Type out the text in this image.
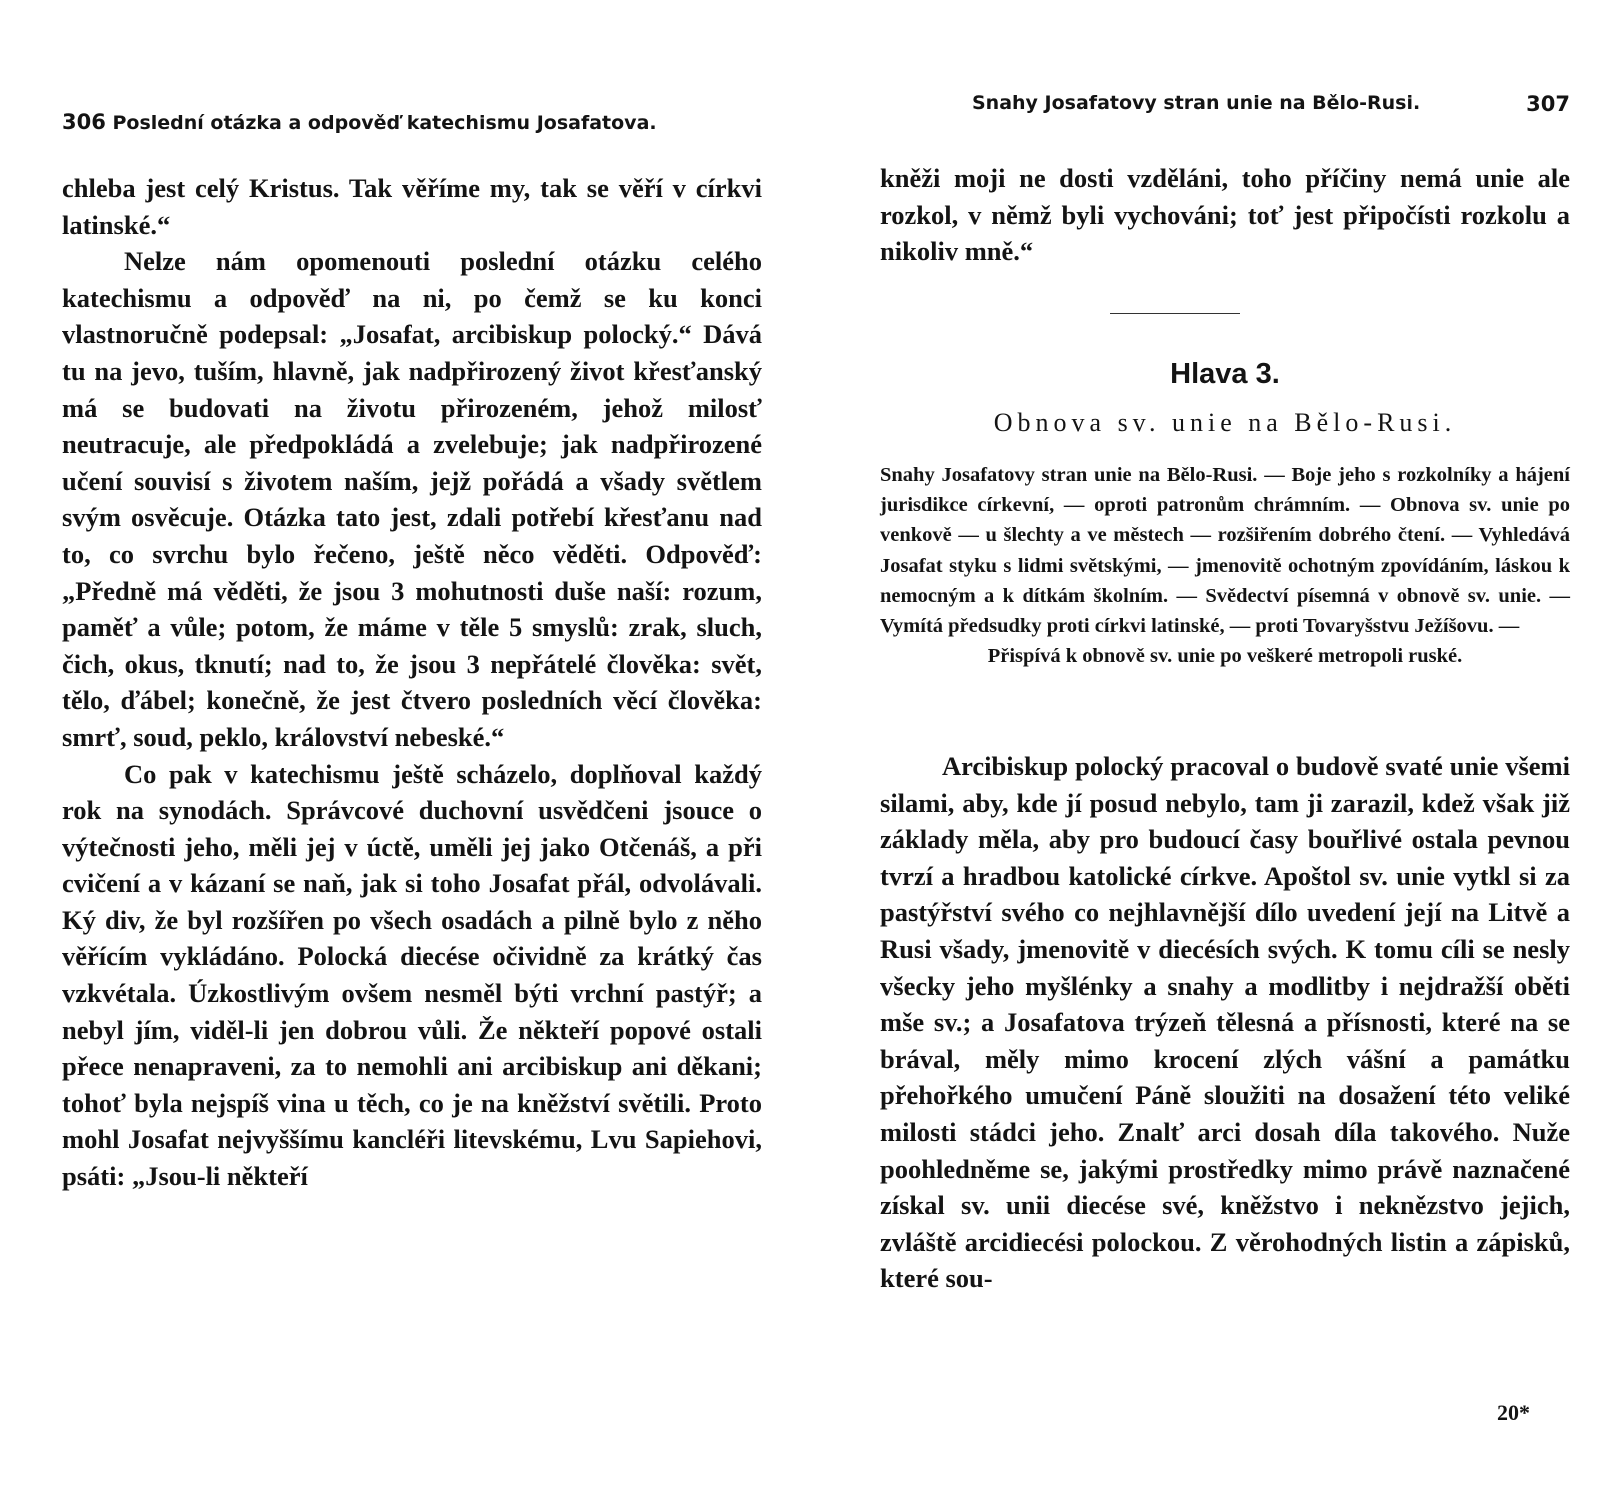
306 Poslední otázka a odpověď katechismu Josafatova.

chleba jest celý Kristus. Tak věříme my, tak se věří v církvi latinské.“

Nelze nám opomenouti poslední otázku celého katechismu a odpověď na ni, po čemž se ku konci vlastnoručně podepsal: „Josafat, arcibiskup polocký.“ Dává tu na jevo, tuším, hlavně, jak nadpřirozený život křesťanský má se budovati na životu přirozeném, jehož milosť neutracuje, ale předpokládá a zvelebuje; jak nadpřirozené učení souvisí s životem naším, jejž pořádá a všady světlem svým osvěcuje. Otázka tato jest, zdali potřebí křesťanu nad to, co svrchu bylo řečeno, ještě něco věděti. Odpověď: „Předně má věděti, že jsou 3 mohutnosti duše naší: rozum, paměť a vůle; potom, že máme v těle 5 smyslů: zrak, sluch, čich, okus, tknutí; nad to, že jsou 3 nepřátelé člověka: svět, tělo, ďábel; konečně, že jest čtvero posledních věcí člověka: smrť, soud, peklo, království nebeské.“

Co pak v katechismu ještě scházelo, doplňoval každý rok na synodách. Správcové duchovní usvědčeni jsouce o výtečnosti jeho, měli jej v úctě, uměli jej jako Otčenáš, a při cvičení a v kázaní se naň, jak si toho Josafat přál, odvolávali. Ký div, že byl rozšířen po všech osadách a pilně bylo z něho věřícím vykládáno. Polocká diecése očividně za krátký čas vzkvétala. Úzkostlivým ovšem nesměl býti vrchní pastýř; a nebyl jím, viděl-li jen dobrou vůli. Že někteří popové ostali přece nenapraveni, za to nemohli ani arcibiskup ani děkani; tohoť byla nejspíš vina u těch, co je na kněžství světili. Proto mohl Josafat nejvyššímu kancléři litevskému, Lvu Sapiehovi, psáti: „Jsou-li někteří

Snahy Josafatovy stran unie na Bělo-Rusi.	307

kněži moji ne dosti vzděláni, toho příčiny nemá unie ale rozkol, v němž byli vychováni; toť jest připočísti rozkolu a nikoliv mně.“

Hlava 3.
Obnova sv. unie na Bělo-Rusi.
Snahy Josafatovy stran unie na Bělo-Rusi. — Boje jeho s rozkolníky a hájení jurisdikce církevní, — oproti patronům chrámním. — Obnova sv. unie po venkově — u šlechty a ve městech — rozšiřením dobrého čtení. — Vyhledává Josafat styku s lidmi světskými, — jmenovitě ochotným zpovídáním, láskou k nemocným a k dítkám školním. — Svědectví písemná v obnově sv. unie. — Vymítá předsudky proti církvi latinské, — proti Tovaryšstvu Ježíšovu. —
Přispívá k obnově sv. unie po veškeré metropoli ruské.

Arcibiskup polocký pracoval o budově svaté unie všemi silami, aby, kde jí posud nebylo, tam ji zarazil, kdež však již základy měla, aby pro budoucí časy bouřlivé ostala pevnou tvrzí a hradbou katolické církve. Apoštol sv. unie vytkl si za pastýřství svého co nejhlavnější dílo uvedení její na Litvě a Rusi všady, jmenovitě v diecésích svých. K tomu cíli se nesly všecky jeho myšlénky a snahy a modlitby i nejdražší oběti mše sv.; a Josafatova trýzeň tělesná a přísnosti, které na se brával, měly mimo krocení zlých vášní a památku přehořkého umučení Páně sloužiti na dosažení této veliké milosti stádci jeho. Znalť arci dosah díla takového. Nuže poohledněme se, jakými prostředky mimo právě naznačené získal sv. unii diecése své, kněžstvo i neknězstvo jejich, zvláště arcidiecési polockou. Z věrohodných listin a zápisků, které sou-

20*
